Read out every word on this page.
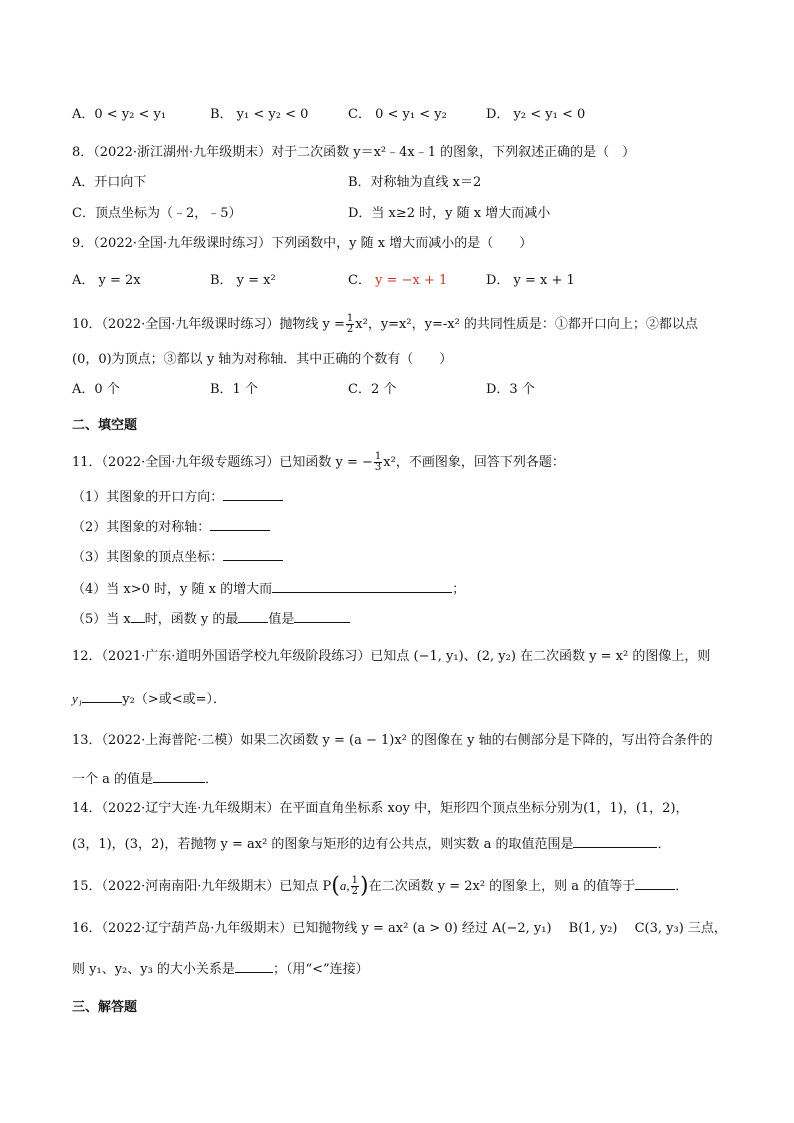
A．0 < y₂ < y₁	B． y₁ < y₂ < 0	C． 0 < y₁ < y₂	D． y₂ < y₁ < 0
8．（2022·浙江湖州·九年级期末）对于二次函数 y＝x²﹣4x﹣1 的图象，下列叙述正确的是（　）
A．开口向下	B．对称轴为直线 x＝2
C．顶点坐标为（﹣2，﹣5）	D．当 x≥2 时，y 随 x 增大而减小
9．（2022·全国·九年级课时练习）下列函数中，y 随 x 增大而减小的是（　　）
A． y = 2x	B． y = x²	C． y = −x + 1	D． y = x + 1
10．（2022·全国·九年级课时练习）抛物线 $y = \frac{1}{2} x^2$，y=x²，y=-x² 的共同性质是：①都开口向上；②都以点
(0，0)为顶点；③都以 y 轴为对称轴．其中正确的个数有（　　）
A．0 个	B．1 个	C．2 个	D．3 个
二、填空题
11．（2022·全国·九年级专题练习）已知函数 y = − $\frac{1}{3} x^2$，不画图象，回答下列各题：
（1）其图象的开口方向：
（2）其图象的对称轴：
（3）其图象的顶点坐标：
（4）当 x>0 时，y 随 x 的增大而	；
（5）当 x 时，函数 y 的最 值是
12．（2021·广东·道明外国语学校九年级阶段练习）已知点 (−1, y₁)、(2, y₂) 在二次函数 y = x² 的图像上，则
y₁	y₂（>或<或=）．
13．（2022·上海普陀·二模）如果二次函数 y = (a − 1)x² 的图像在 y 轴的右侧部分是下降的，写出符合条件的
一个 a 的值是	．
14．（2022·辽宁大连·九年级期末）在平面直角坐标系 xoy 中，矩形四个顶点坐标分别为(1，1)，(1，2)，
(3，1)，(3，2)，若抛物 y = ax² 的图象与矩形的边有公共点，则实数 a 的取值范围是	．
15．（2022·河南南阳·九年级期末）已知点 P(a, $\frac{1}{2}$ )在二次函数 y = 2x² 的图象上，则 a 的值等于	．
16．（2022·辽宁葫芦岛·九年级期末）已知抛物线 y = ax² (a > 0) 经过 A(−2, y₁)　 B(1, y₂)　 C(3, y₃) 三点，
则 y₁、y₂、y₃ 的大小关系是	；（用“<”连接）
三、解答题
